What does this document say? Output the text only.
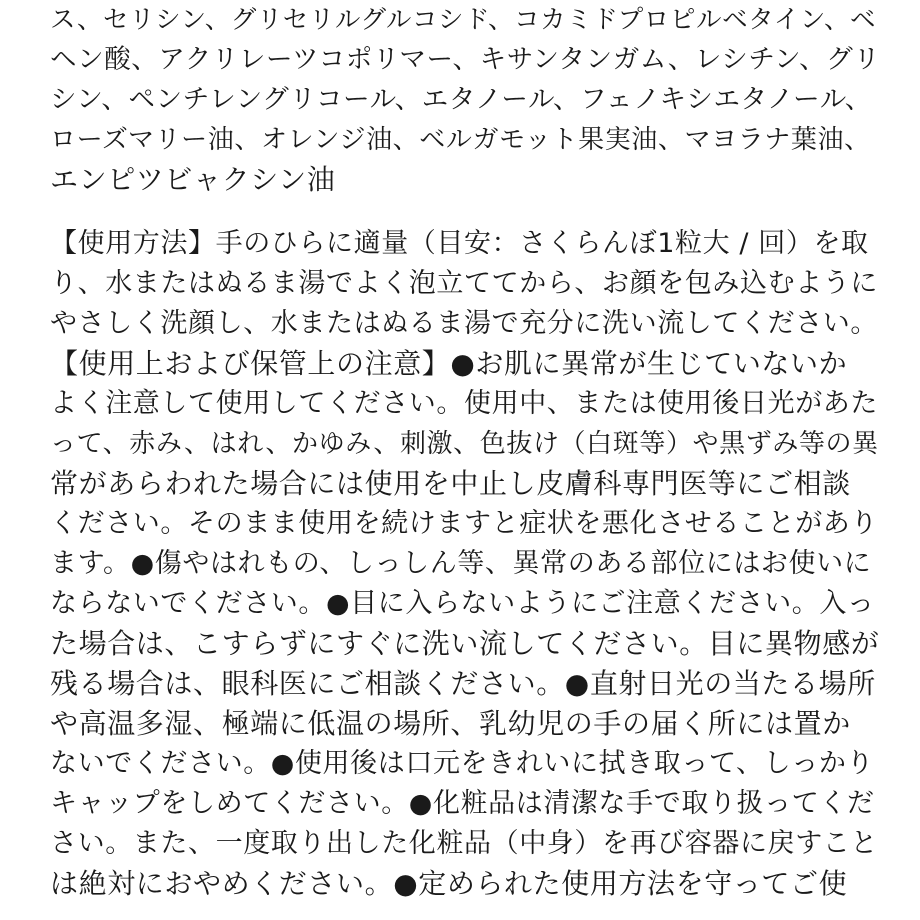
ス、セリシン、グリセリルグルコシド、コカミドプロピルベタイン、ベ
ヘン酸、アクリレーツコポリマー、キサンタンガム、レシチン、グリ
シン、ペンチレングリコール、エタノール、フェノキシエタノール、
ローズマリー油、オレンジ油、ベルガモット果実油、マヨラナ葉油、
エンピツビャクシン油
【使用方法】手のひらに適量（目安：さくらんぼ1粒大 / 回）を取
り、水またはぬるま湯でよく泡立ててから、お顔を包み込むように
やさしく洗顔し、水またはぬるま湯で充分に洗い流してください。
【使用上および保管上の注意】●お肌に異常が生じていないか
よく注意して使用してください。使用中、または使用後日光があた
って、赤み、はれ、かゆみ、刺激、色抜け（白斑等）や黒ずみ等の異
常があらわれた場合には使用を中止し皮膚科専門医等にご相談
ください。そのまま使用を続けますと症状を悪化させることがあり
ます。●傷やはれもの、しっしん等、異常のある部位にはお使いに
ならないでください。●目に入らないようにご注意ください。入っ
た場合は、こすらずにすぐに洗い流してください。目に異物感が
残る場合は、眼科医にご相談ください。●直射日光の当たる場所
や高温多湿、極端に低温の場所、乳幼児の手の届く所には置か
ないでください。●使用後は口元をきれいに拭き取って、しっかり
キャップをしめてください。●化粧品は清潔な手で取り扱ってくだ
さい。また、一度取り出した化粧品（中身）を再び容器に戻すこと
は絶対におやめください。●定められた使用方法を守ってご使
